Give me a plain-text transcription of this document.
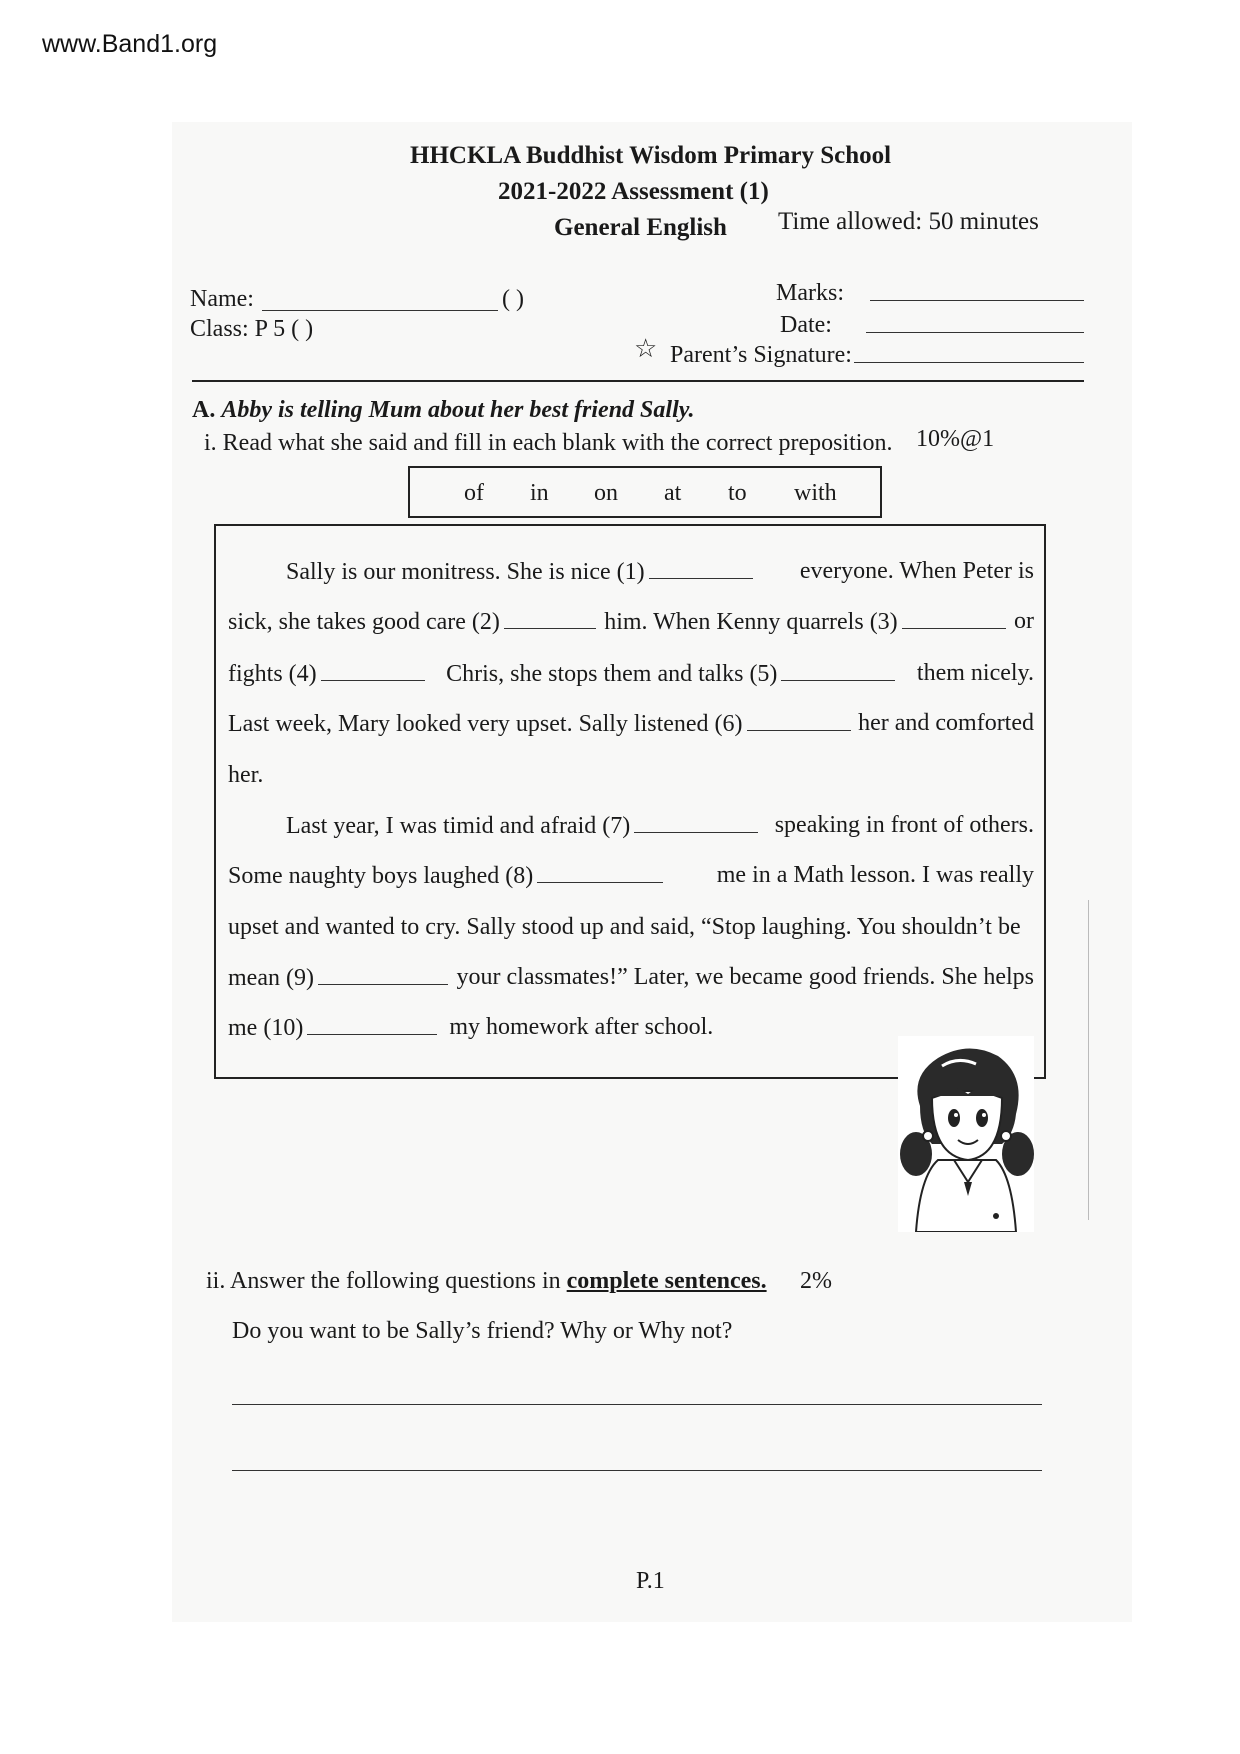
www.Band1.org
HHCKLA Buddhist Wisdom Primary School
2021-2022 Assessment (1)
General English Time allowed: 50 minutes
Name:	( )
Class: P 5 ( )
Marks:
Date:
☆ Parent’s Signature:
A. Abby is telling Mum about her best friend Sally.
i. Read what she said and fill in each blank with the correct preposition. 10%@1
of in on at to with
Sally is our monitress. She is nice (1)	everyone. When Peter is
sick, she takes good care (2)	him. When Kenny quarrels (3)	or
fights (4)	Chris, she stops them and talks (5)	them nicely.
Last week, Mary looked very upset. Sally listened (6)	her and comforted
her.
Last year, I was timid and afraid (7)	speaking in front of others.
Some naughty boys laughed (8)	me in a Math lesson. I was really
upset and wanted to cry. Sally stood up and said, “Stop laughing. You shouldn’t be
mean (9)	your classmates!” Later, we became good friends. She helps
me (10)	my homework after school.
ii. Answer the following questions in complete sentences. 2%
Do you want to be Sally’s friend? Why or Why not?
P.1
